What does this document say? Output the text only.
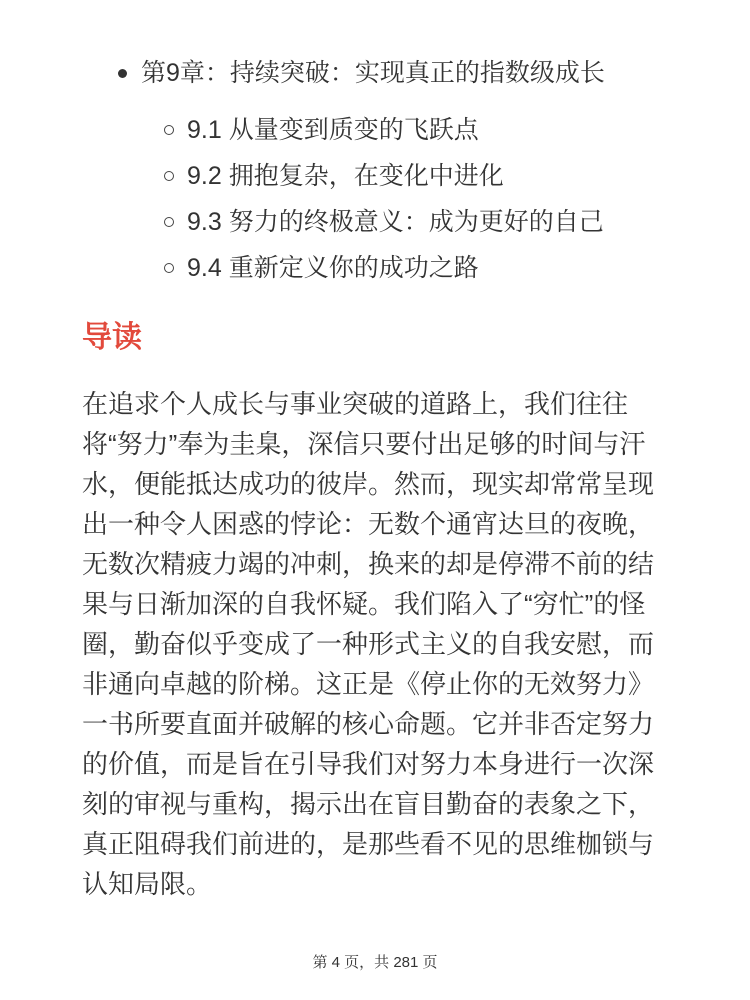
第9章：持续突破：实现真正的指数级成长
9.1 从量变到质变的飞跃点
9.2 拥抱复杂，在变化中进化
9.3 努力的终极意义：成为更好的自己
9.4 重新定义你的成功之路
导读

在追求个人成长与事业突破的道路上，我们往往将“努力”奉为圭臬，深信只要付出足够的时间与汗水，便能抵达成功的彼岸。然而，现实却常常呈现出一种令人困惑的悖论：无数个通宵达旦的夜晚，无数次精疲力竭的冲刺，换来的却是停滞不前的结果与日渐加深的自我怀疑。我们陷入了“穷忙”的怪圈，勤奋似乎变成了一种形式主义的自我安慰，而非通向卓越的阶梯。这正是《停止你的无效努力》一书所要直面并破解的核心命题。它并非否定努力的价值，而是旨在引导我们对努力本身进行一次深刻的审视与重构，揭示出在盲目勤奋的表象之下，真正阻碍我们前进的，是那些看不见的思维枷锁与认知局限。

第 4 页，共 281 页
